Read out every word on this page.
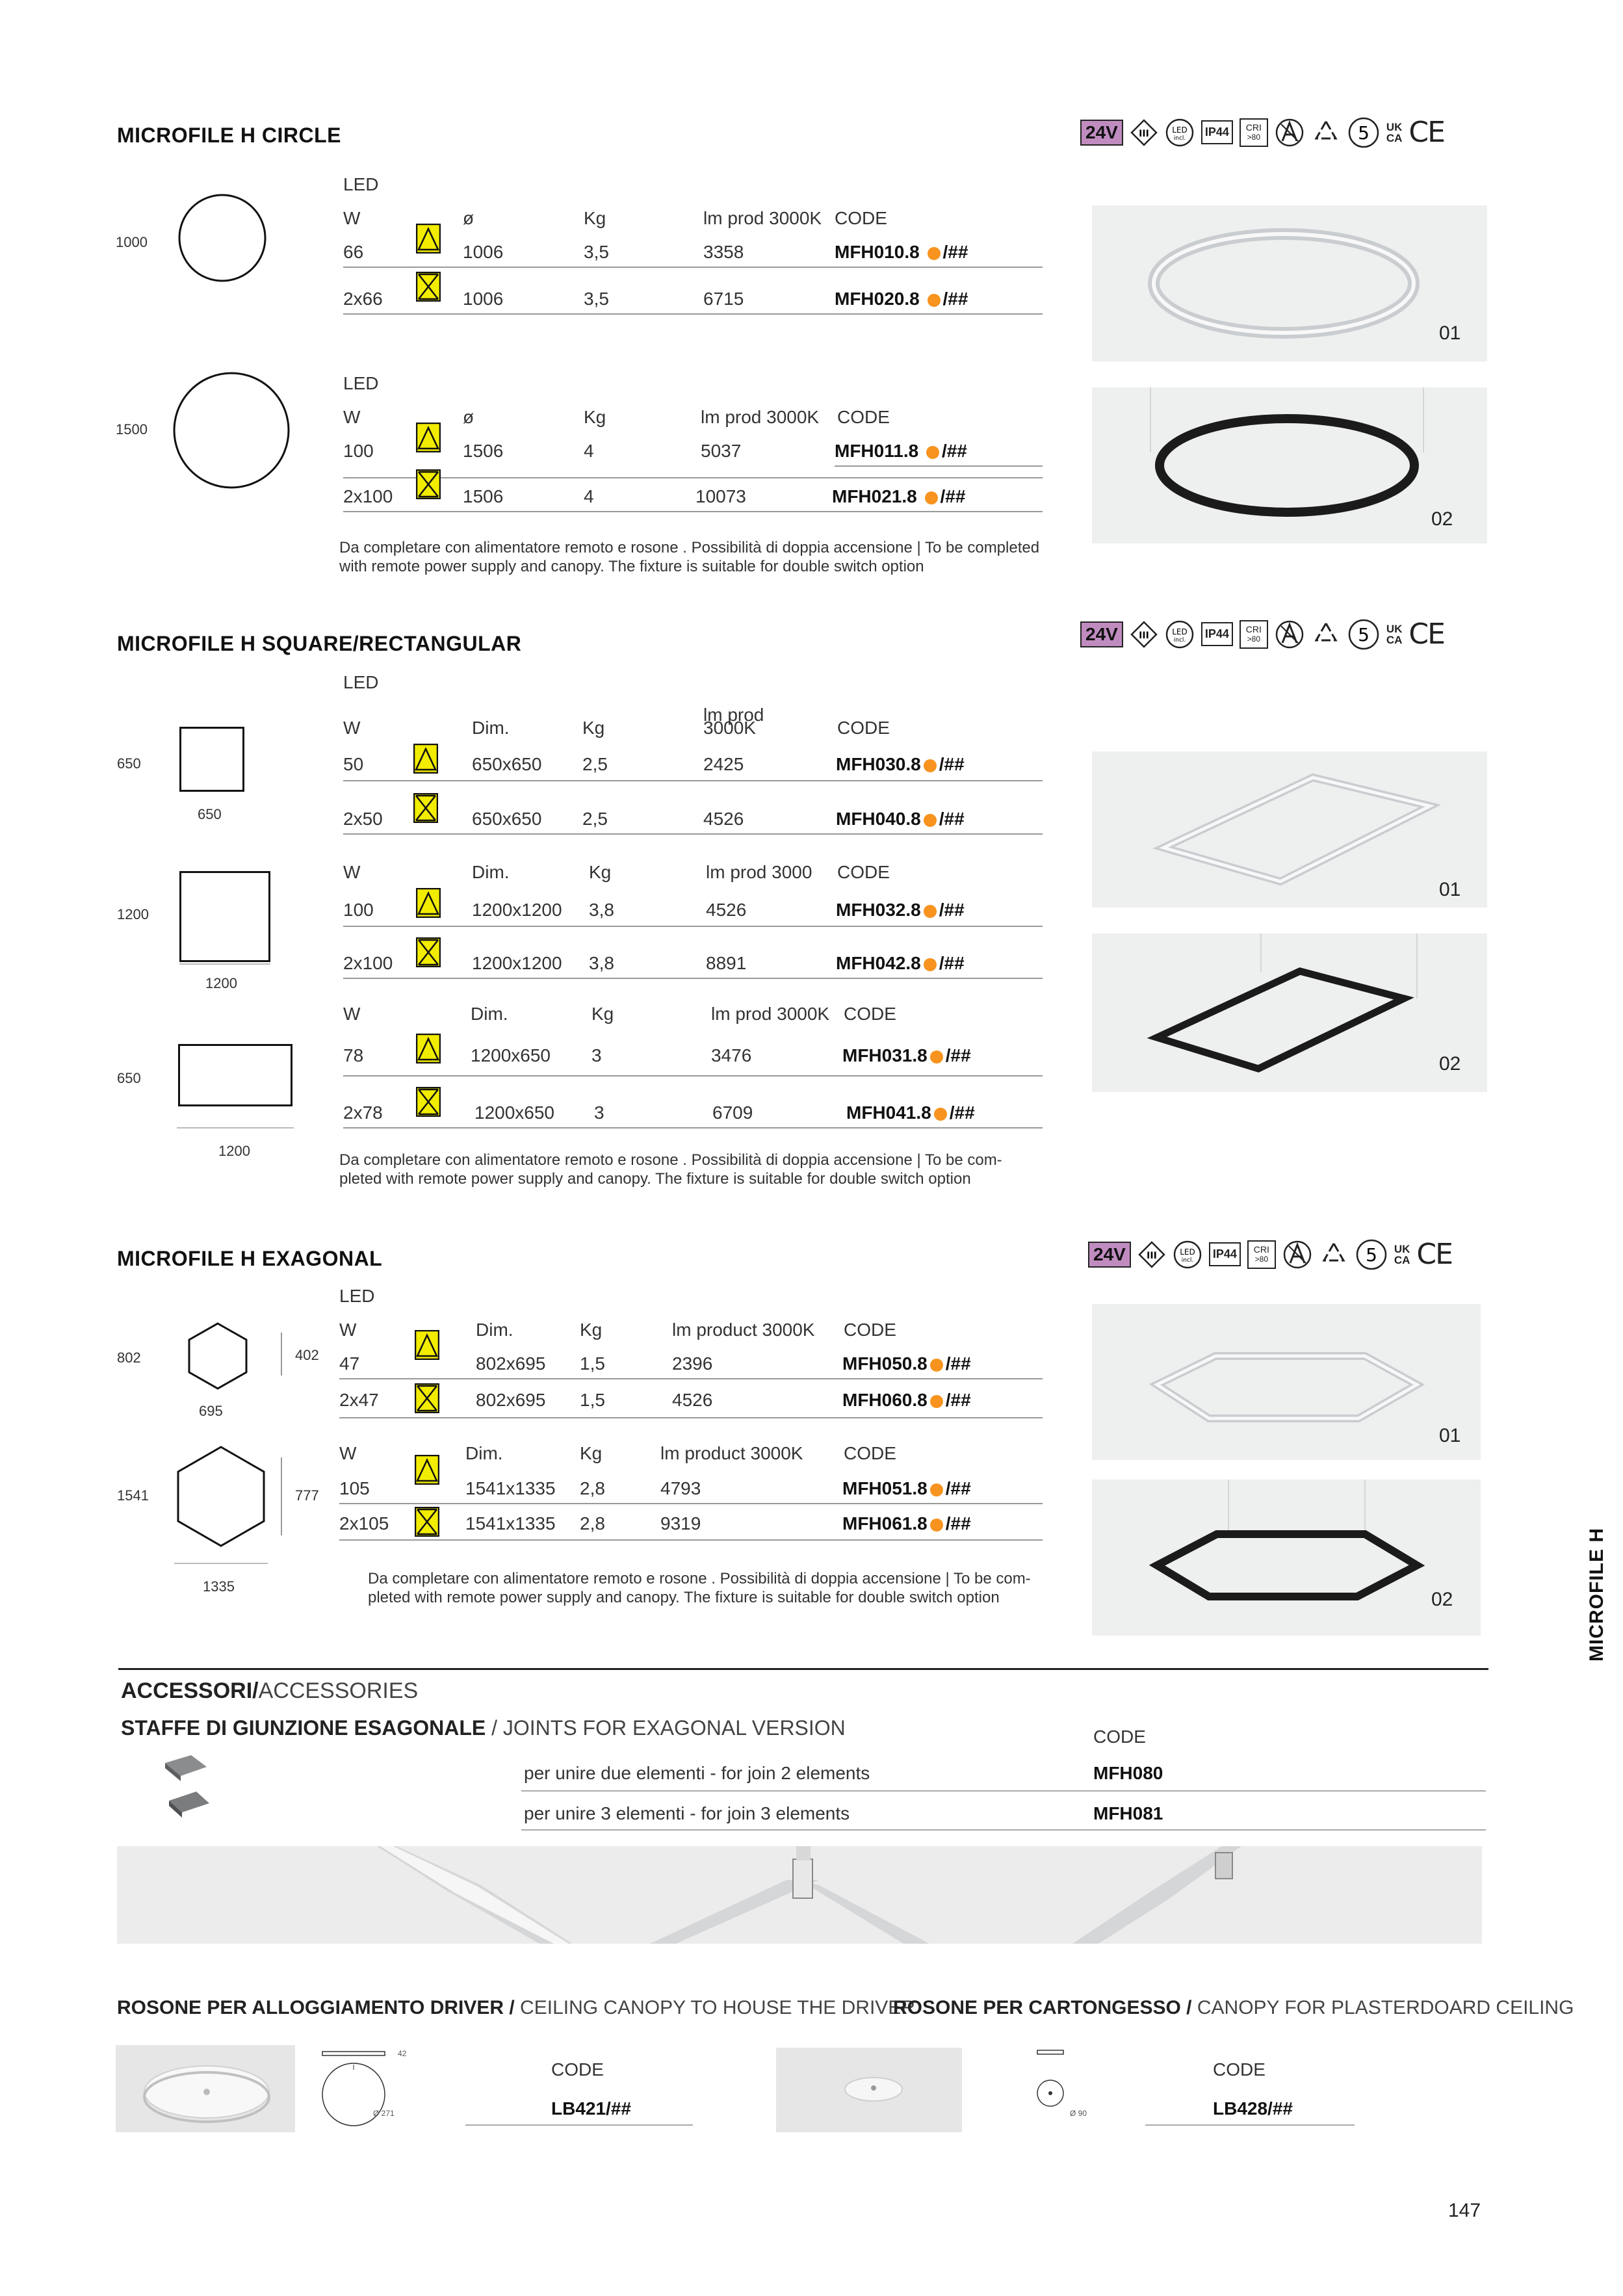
MICROFILE H CIRCLE	24V	III	LED
incl.	IP44	CRI
>80	5 UK
CA CE
1000
LED
W	ø	Kg	lm prod 3000K CODE
66	1006	3,5	3358	MFH010.8 /##
2x66	1006	3,5	6715	MFH020.8 /##
1500
LED
W	ø	Kg	lm prod 3000K CODE
100	1506	4	5037	MFH011.8 /##
2x100	1506	4	10073	MFH021.8 /##
Da completare con alimentatore remoto e rosone . Possibilità di doppia accensione | To be completed
with remote power supply and canopy. The fixture is suitable for double switch option
01
02
MICROFILE H SQUARE/RECTANGULAR	24V	III	LED
incl.	IP44	CRI
>80	5 UK
CA CE
LED
650
650
W	Dim.	Kg
lm prod 3000K	CODE
50	650x650 2,5	2425	MFH030.8 /##
2x50	650x650 2,5	4526	MFH040.8 /##
1200
1200
W	Dim.	Kg	lm prod 3000 CODE
100	1200x1200 3,8	4526	MFH032.8 /##
2x100	1200x1200 3,8	8891	MFH042.8 /##
650
1200
W	Dim.	Kg	lm prod 3000K CODE
78	1200x650 3	3476	MFH031.8 /##
2x78	1200x650 3	6709	MFH041.8 /##
Da completare con alimentatore remoto e rosone . Possibilità di doppia accensione | To be com-
pleted with remote power supply and canopy. The fixture is suitable for double switch option
01
02
MICROFILE H EXAGONAL	24V	III	LED
incl.	IP44	CRI
>80	5 UK
CA CE
LED
802	402
695
W	Dim.	Kg	lm product 3000K CODE
47	802x695 1,5	2396	MFH050.8 /##
2x47	802x695 1,5	4526	MFH060.8 /##
1541	777
1335
W	Dim.	Kg	lm product 3000K CODE
105	1541x1335 2,8	4793	MFH051.8 /##
2x105	1541x1335 2,8	9319	MFH061.8 /##
Da completare con alimentatore remoto e rosone . Possibilità di doppia accensione | To be com-
pleted with remote power supply and canopy. The fixture is suitable for double switch option
01
02	MICROFILE H
ACCESSORI/ACCESSORIES
STAFFE DI GIUNZIONE ESAGONALE / JOINTS FOR EXAGONAL VERSION	CODE
per unire due elementi - for join 2 elements	MFH080
per unire 3 elementi - for join 3 elements	MFH081
ROSONE PER ALLOGGIAMENTO DRIVER / CEILING CANOPY TO HOUSE THE DRIVER
ROSONE PER CARTONGESSO / CANOPY FOR PLASTERDOARD CEILING
42
Ø 271
CODE
LB421/##	Ø 90
CODE
LB428/##
147
